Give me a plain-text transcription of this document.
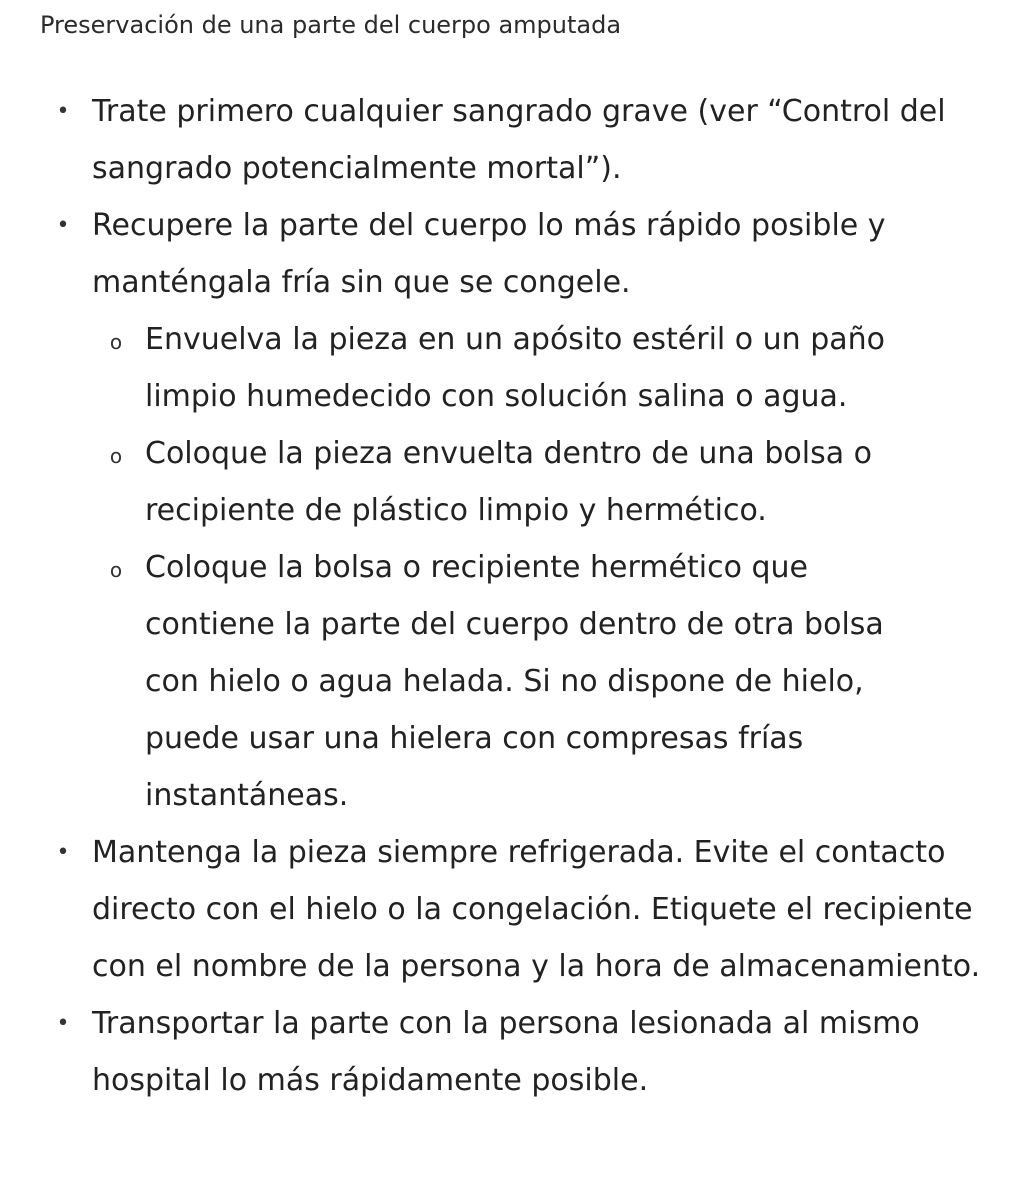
Preservación de una parte del cuerpo amputada
• Trate primero cualquier sangrado grave (ver “Control del sangrado potencialmente mortal”).
• Recupere la parte del cuerpo lo más rápido posible y manténgala fría sin que se congele.
o Envuelva la pieza en un apósito estéril o un paño limpio humedecido con solución salina o agua.
o Coloque la pieza envuelta dentro de una bolsa o recipiente de plástico limpio y hermético.
o Coloque la bolsa o recipiente hermético que contiene la parte del cuerpo dentro de otra bolsa con hielo o agua helada. Si no dispone de hielo, puede usar una hielera con compresas frías instantáneas.
• Mantenga la pieza siempre refrigerada. Evite el contacto directo con el hielo o la congelación. Etiquete el recipiente con el nombre de la persona y la hora de almacenamiento.
• Transportar la parte con la persona lesionada al mismo hospital lo más rápidamente posible.
